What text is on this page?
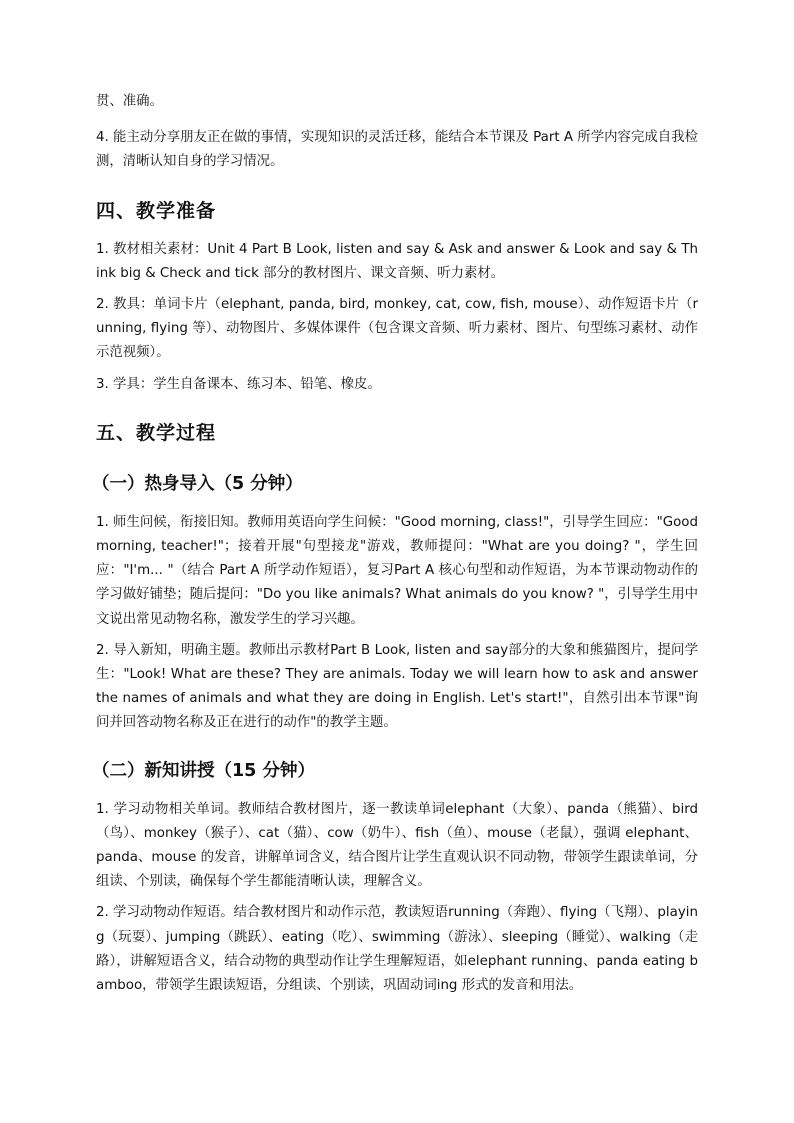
贯、准确。

4. 能主动分享朋友正在做的事情，实现知识的灵活迁移，能结合本节课及 Part A 所学内容完成自我检测，清晰认知自身的学习情况。

四、教学准备

1. 教材相关素材：Unit 4 Part B Look, listen and say & Ask and answer & Look and say & Think big & Check and tick 部分的教材图片、课文音频、听力素材。

2. 教具：单词卡片（elephant, panda, bird, monkey, cat, cow, fish, mouse）、动作短语卡片（running, flying 等）、动物图片、多媒体课件（包含课文音频、听力素材、图片、句型练习素材、动作示范视频）。

3. 学具：学生自备课本、练习本、铅笔、橡皮。

五、教学过程
（一）热身导入（5 分钟）

1. 师生问候，衔接旧知。教师用英语向学生问候："Good morning, class!"，引导学生回应："Good morning, teacher!"；接着开展"句型接龙"游戏，教师提问："What are you doing? "，学生回应："I'm... "（结合 Part A 所学动作短语），复习Part A 核心句型和动作短语，为本节课动物动作的学习做好铺垫；随后提问："Do you like animals? What animals do you know? "，引导学生用中文说出常见动物名称，激发学生的学习兴趣。

2. 导入新知，明确主题。教师出示教材Part B Look, listen and say部分的大象和熊猫图片，提问学生："Look! What are these? They are animals. Today we will learn how to ask and answer the names of animals and what they are doing in English. Let's start!"，自然引出本节课"询问并回答动物名称及正在进行的动作"的教学主题。

（二）新知讲授（15 分钟）

1. 学习动物相关单词。教师结合教材图片，逐一教读单词elephant（大象）、panda（熊猫）、bird（鸟）、monkey（猴子）、cat（猫）、cow（奶牛）、fish（鱼）、mouse（老鼠），强调 elephant、panda、mouse 的发音，讲解单词含义，结合图片让学生直观认识不同动物，带领学生跟读单词，分组读、个别读，确保每个学生都能清晰认读，理解含义。

2. 学习动物动作短语。结合教材图片和动作示范，教读短语running（奔跑）、flying（飞翔）、playing（玩耍）、jumping（跳跃）、eating（吃）、swimming（游泳）、sleeping（睡觉）、walking（走路），讲解短语含义，结合动物的典型动作让学生理解短语，如elephant running、panda eating bamboo，带领学生跟读短语，分组读、个别读，巩固动词ing 形式的发音和用法。
